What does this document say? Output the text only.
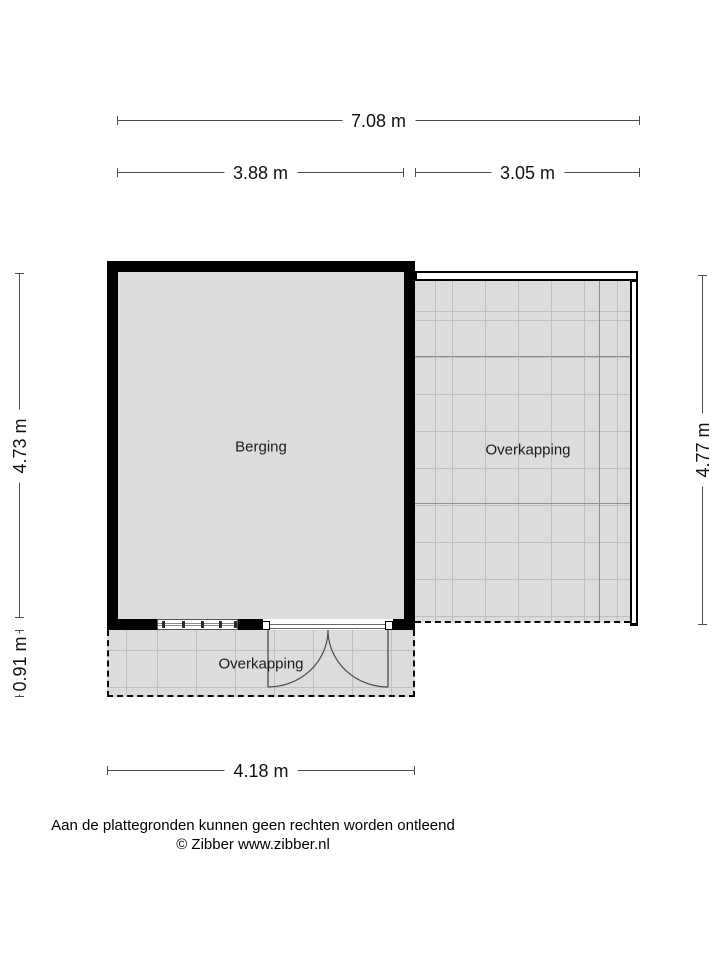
7.08 m
3.88 m	3.05 m
4.73 m
0.91 m
4.77 m
4.18 m
Overkapping
Overkapping
Berging
Aan de plattegronden kunnen geen rechten worden ontleend
© Zibber www.zibber.nl
